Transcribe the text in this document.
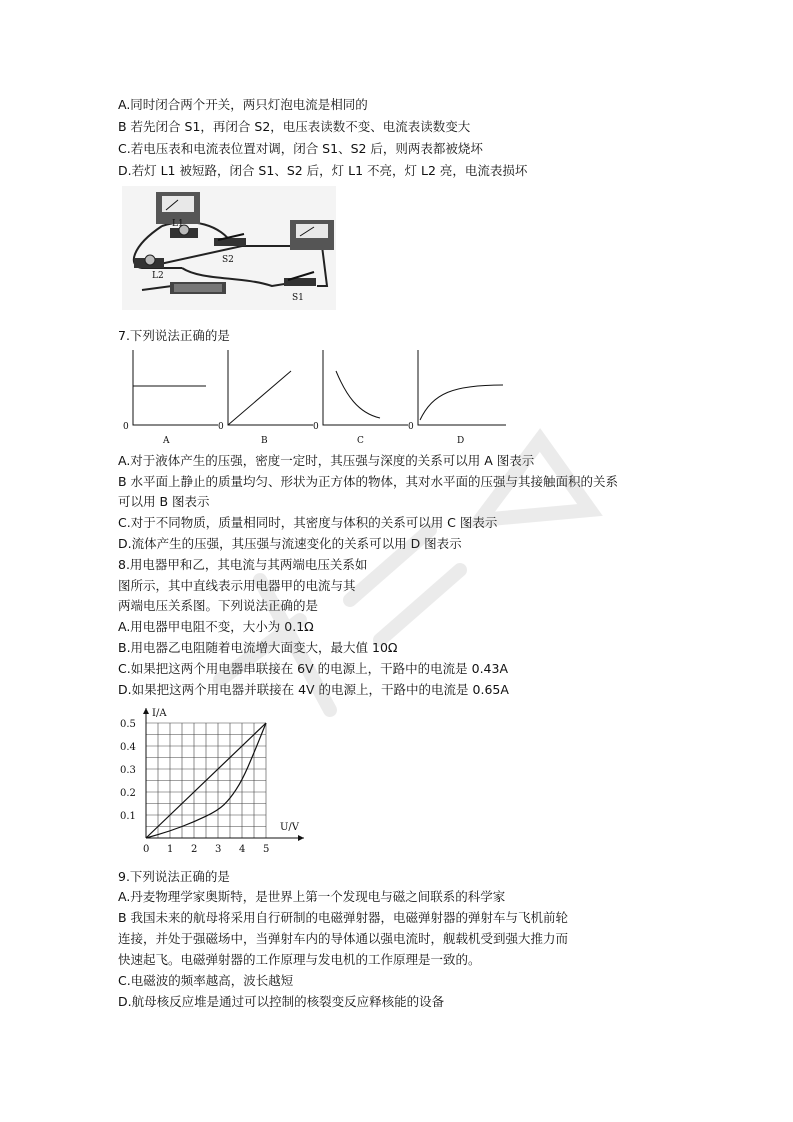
A.同时闭合两个开关，两只灯泡电流是相同的
B 若先闭合 S1，再闭合 S2，电压表读数不变、电流表读数变大
C.若电压表和电流表位置对调，闭合 S1、S2 后，则两表都被烧坏
D.若灯 L1 被短路，闭合 S1、S2 后，灯 L1 不亮，灯 L2 亮，电流表损坏
L1
L2
S2
S1
7.下列说法正确的是
0
A
0
B
0
C
0
D
A.对于液体产生的压强，密度一定时，其压强与深度的关系可以用 A 图表示
B 水平面上静止的质量均匀、形状为正方体的物体，其对水平面的压强与其接触面积的关系
可以用 B 图表示
C.对于不同物质，质量相同时，其密度与体积的关系可以用 C 图表示
D.流体产生的压强，其压强与流速变化的关系可以用 D 图表示
8.用电器甲和乙，其电流与其两端电压关系如
图所示，其中直线表示用电器甲的电流与其
两端电压关系图。下列说法正确的是
A.用电器甲电阻不变，大小为 0.1Ω
B.用电器乙电阻随着电流增大面变大，最大值 10Ω
C.如果把这两个用电器串联接在 6V 的电源上，干路中的电流是 0.43A
D.如果把这两个用电器并联接在 4V 的电源上，干路中的电流是 0.65A
0 1 2 3 4 5
0.1
0.2
0.3
0.4
0.5
U/V
I/A
9.下列说法正确的是
A.丹麦物理学家奥斯特，是世界上第一个发现电与磁之间联系的科学家
B 我国未来的航母将采用自行研制的电磁弹射器，电磁弹射器的弹射车与飞机前轮
连接，并处于强磁场中，当弹射车内的导体通以强电流时，舰载机受到强大推力而
快速起飞。电磁弹射器的工作原理与发电机的工作原理是一致的。
C.电磁波的频率越高，波长越短
D.航母核反应堆是通过可以控制的核裂变反应释核能的设备
